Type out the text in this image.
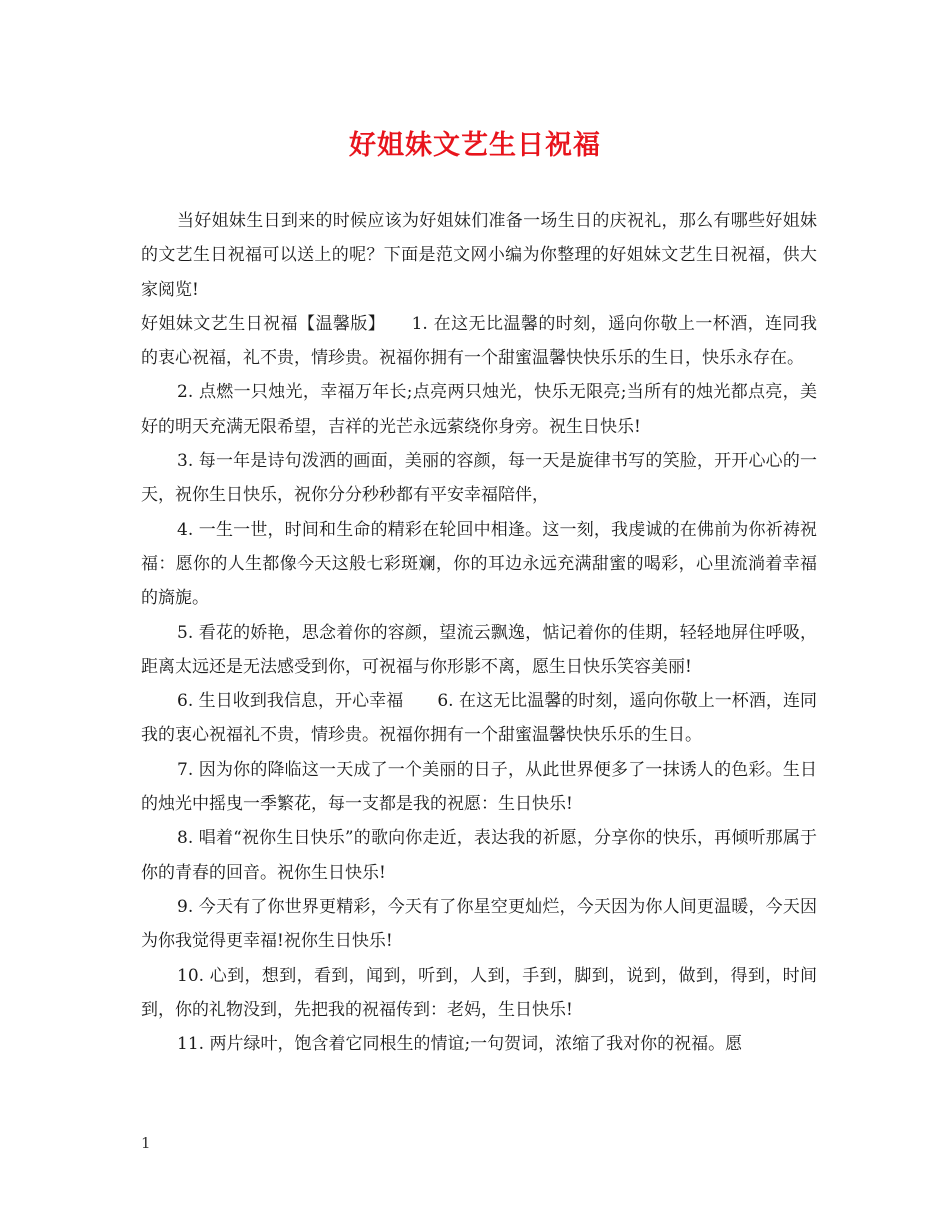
好姐妹文艺生日祝福

当好姐妹生日到来的时候应该为好姐妹们准备一场生日的庆祝礼，那么有哪些好姐妹的文艺生日祝福可以送上的呢？下面是范文网小编为你整理的好姐妹文艺生日祝福，供大家阅览!

好姐妹文艺生日祝福【温馨版】　　1. 在这无比温馨的时刻，遥向你敬上一杯酒，连同我的衷心祝福，礼不贵，情珍贵。祝福你拥有一个甜蜜温馨快快乐乐的生日，快乐永存在。

2. 点燃一只烛光，幸福万年长;点亮两只烛光，快乐无限亮;当所有的烛光都点亮，美好的明天充满无限希望，吉祥的光芒永远萦绕你身旁。祝生日快乐!

3. 每一年是诗句泼洒的画面，美丽的容颜，每一天是旋律书写的笑脸，开开心心的一天，祝你生日快乐，祝你分分秒秒都有平安幸福陪伴，

4. 一生一世，时间和生命的精彩在轮回中相逢。这一刻，我虔诚的在佛前为你祈祷祝福：愿你的人生都像今天这般七彩斑斓，你的耳边永远充满甜蜜的喝彩，心里流淌着幸福的旖旎。

5. 看花的娇艳，思念着你的容颜，望流云飘逸，惦记着你的佳期，轻轻地屏住呼吸，距离太远还是无法感受到你，可祝福与你形影不离，愿生日快乐笑容美丽!

6. 生日收到我信息，开心幸福　　6. 在这无比温馨的时刻，遥向你敬上一杯酒，连同我的衷心祝福礼不贵，情珍贵。祝福你拥有一个甜蜜温馨快快乐乐的生日。

7. 因为你的降临这一天成了一个美丽的日子，从此世界便多了一抹诱人的色彩。生日的烛光中摇曳一季繁花，每一支都是我的祝愿：生日快乐!

8. 唱着“祝你生日快乐”的歌向你走近，表达我的祈愿，分享你的快乐，再倾听那属于你的青春的回音。祝你生日快乐!

9. 今天有了你世界更精彩，今天有了你星空更灿烂，今天因为你人间更温暖，今天因为你我觉得更幸福!祝你生日快乐!

10. 心到，想到，看到，闻到，听到，人到，手到，脚到，说到，做到，得到，时间到，你的礼物没到，先把我的祝福传到：老妈，生日快乐!

11. 两片绿叶，饱含着它同根生的情谊;一句贺词，浓缩了我对你的祝福。愿

1
